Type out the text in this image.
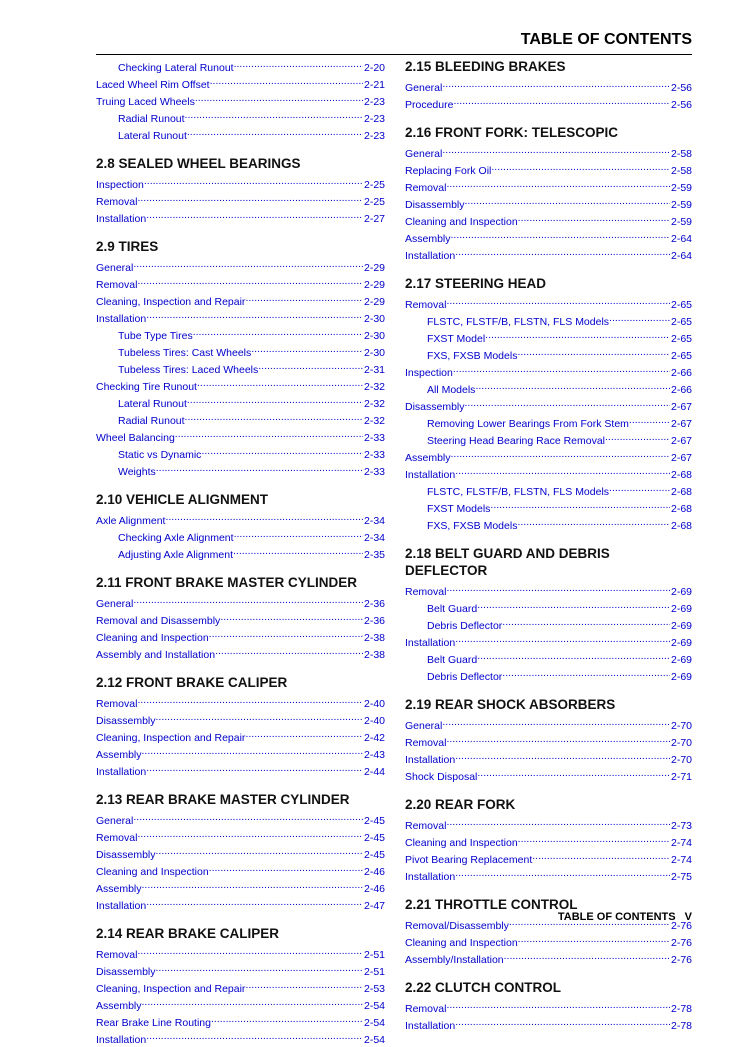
TABLE OF CONTENTS
Checking Lateral Runout .....	2-20
Laced Wheel Rim Offset .....	2-21
Truing Laced Wheels .....	2-23
Radial Runout .....	2-23
Lateral Runout .....	2-23
2.8 SEALED WHEEL BEARINGS
Inspection .....	2-25
Removal .....	2-25
Installation .....	2-27
2.9 TIRES
General .....	2-29
Removal .....	2-29
Cleaning, Inspection and Repair .....	2-29
Installation .....	2-30
Tube Type Tires .....	2-30
Tubeless Tires: Cast Wheels .....	2-30
Tubeless Tires: Laced Wheels .....	2-31
Checking Tire Runout .....	2-32
Lateral Runout .....	2-32
Radial Runout .....	2-32
Wheel Balancing .....	2-33
Static vs Dynamic .....	2-33
Weights .....	2-33
2.10 VEHICLE ALIGNMENT
Axle Alignment .....	2-34
Checking Axle Alignment .....	2-34
Adjusting Axle Alignment .....	2-35
2.11 FRONT BRAKE MASTER CYLINDER
General .....	2-36
Removal and Disassembly .....	2-36
Cleaning and Inspection .....	2-38
Assembly and Installation .....	2-38
2.12 FRONT BRAKE CALIPER
Removal .....	2-40
Disassembly .....	2-40
Cleaning, Inspection and Repair .....	2-42
Assembly .....	2-43
Installation .....	2-44
2.13 REAR BRAKE MASTER CYLINDER
General .....	2-45
Removal .....	2-45
Disassembly .....	2-45
Cleaning and Inspection .....	2-46
Assembly .....	2-46
Installation .....	2-47
2.14 REAR BRAKE CALIPER
Removal .....	2-51
Disassembly .....	2-51
Cleaning, Inspection and Repair .....	2-53
Assembly .....	2-54
Rear Brake Line Routing .....	2-54
Installation .....	2-54
2.15 BLEEDING BRAKES
General .....	2-56
Procedure .....	2-56
2.16 FRONT FORK: TELESCOPIC
General .....	2-58
Replacing Fork Oil .....	2-58
Removal .....	2-59
Disassembly .....	2-59
Cleaning and Inspection .....	2-59
Assembly .....	2-64
Installation .....	2-64
2.17 STEERING HEAD
Removal .....	2-65
FLSTC, FLSTF/B, FLSTN, FLS Models .....	2-65
FXST Model .....	2-65
FXS, FXSB Models .....	2-65
Inspection .....	2-66
All Models .....	2-66
Disassembly .....	2-67
Removing Lower Bearings From Fork Stem .....	2-67
Steering Head Bearing Race Removal .....	2-67
Assembly .....	2-67
Installation .....	2-68
FLSTC, FLSTF/B, FLSTN, FLS Models .....	2-68
FXST Models .....	2-68
FXS, FXSB Models .....	2-68
2.18 BELT GUARD AND DEBRIS DEFLECTOR
Removal .....	2-69
Belt Guard .....	2-69
Debris Deflector .....	2-69
Installation .....	2-69
Belt Guard .....	2-69
Debris Deflector .....	2-69
2.19 REAR SHOCK ABSORBERS
General .....	2-70
Removal .....	2-70
Installation .....	2-70
Shock Disposal .....	2-71
2.20 REAR FORK
Removal .....	2-73
Cleaning and Inspection .....	2-74
Pivot Bearing Replacement .....	2-74
Installation .....	2-75
2.21 THROTTLE CONTROL
Removal/Disassembly .....	2-76
Cleaning and Inspection .....	2-76
Assembly/Installation .....	2-76
2.22 CLUTCH CONTROL
Removal .....	2-78
Installation .....	2-78
TABLE OF CONTENTS V
